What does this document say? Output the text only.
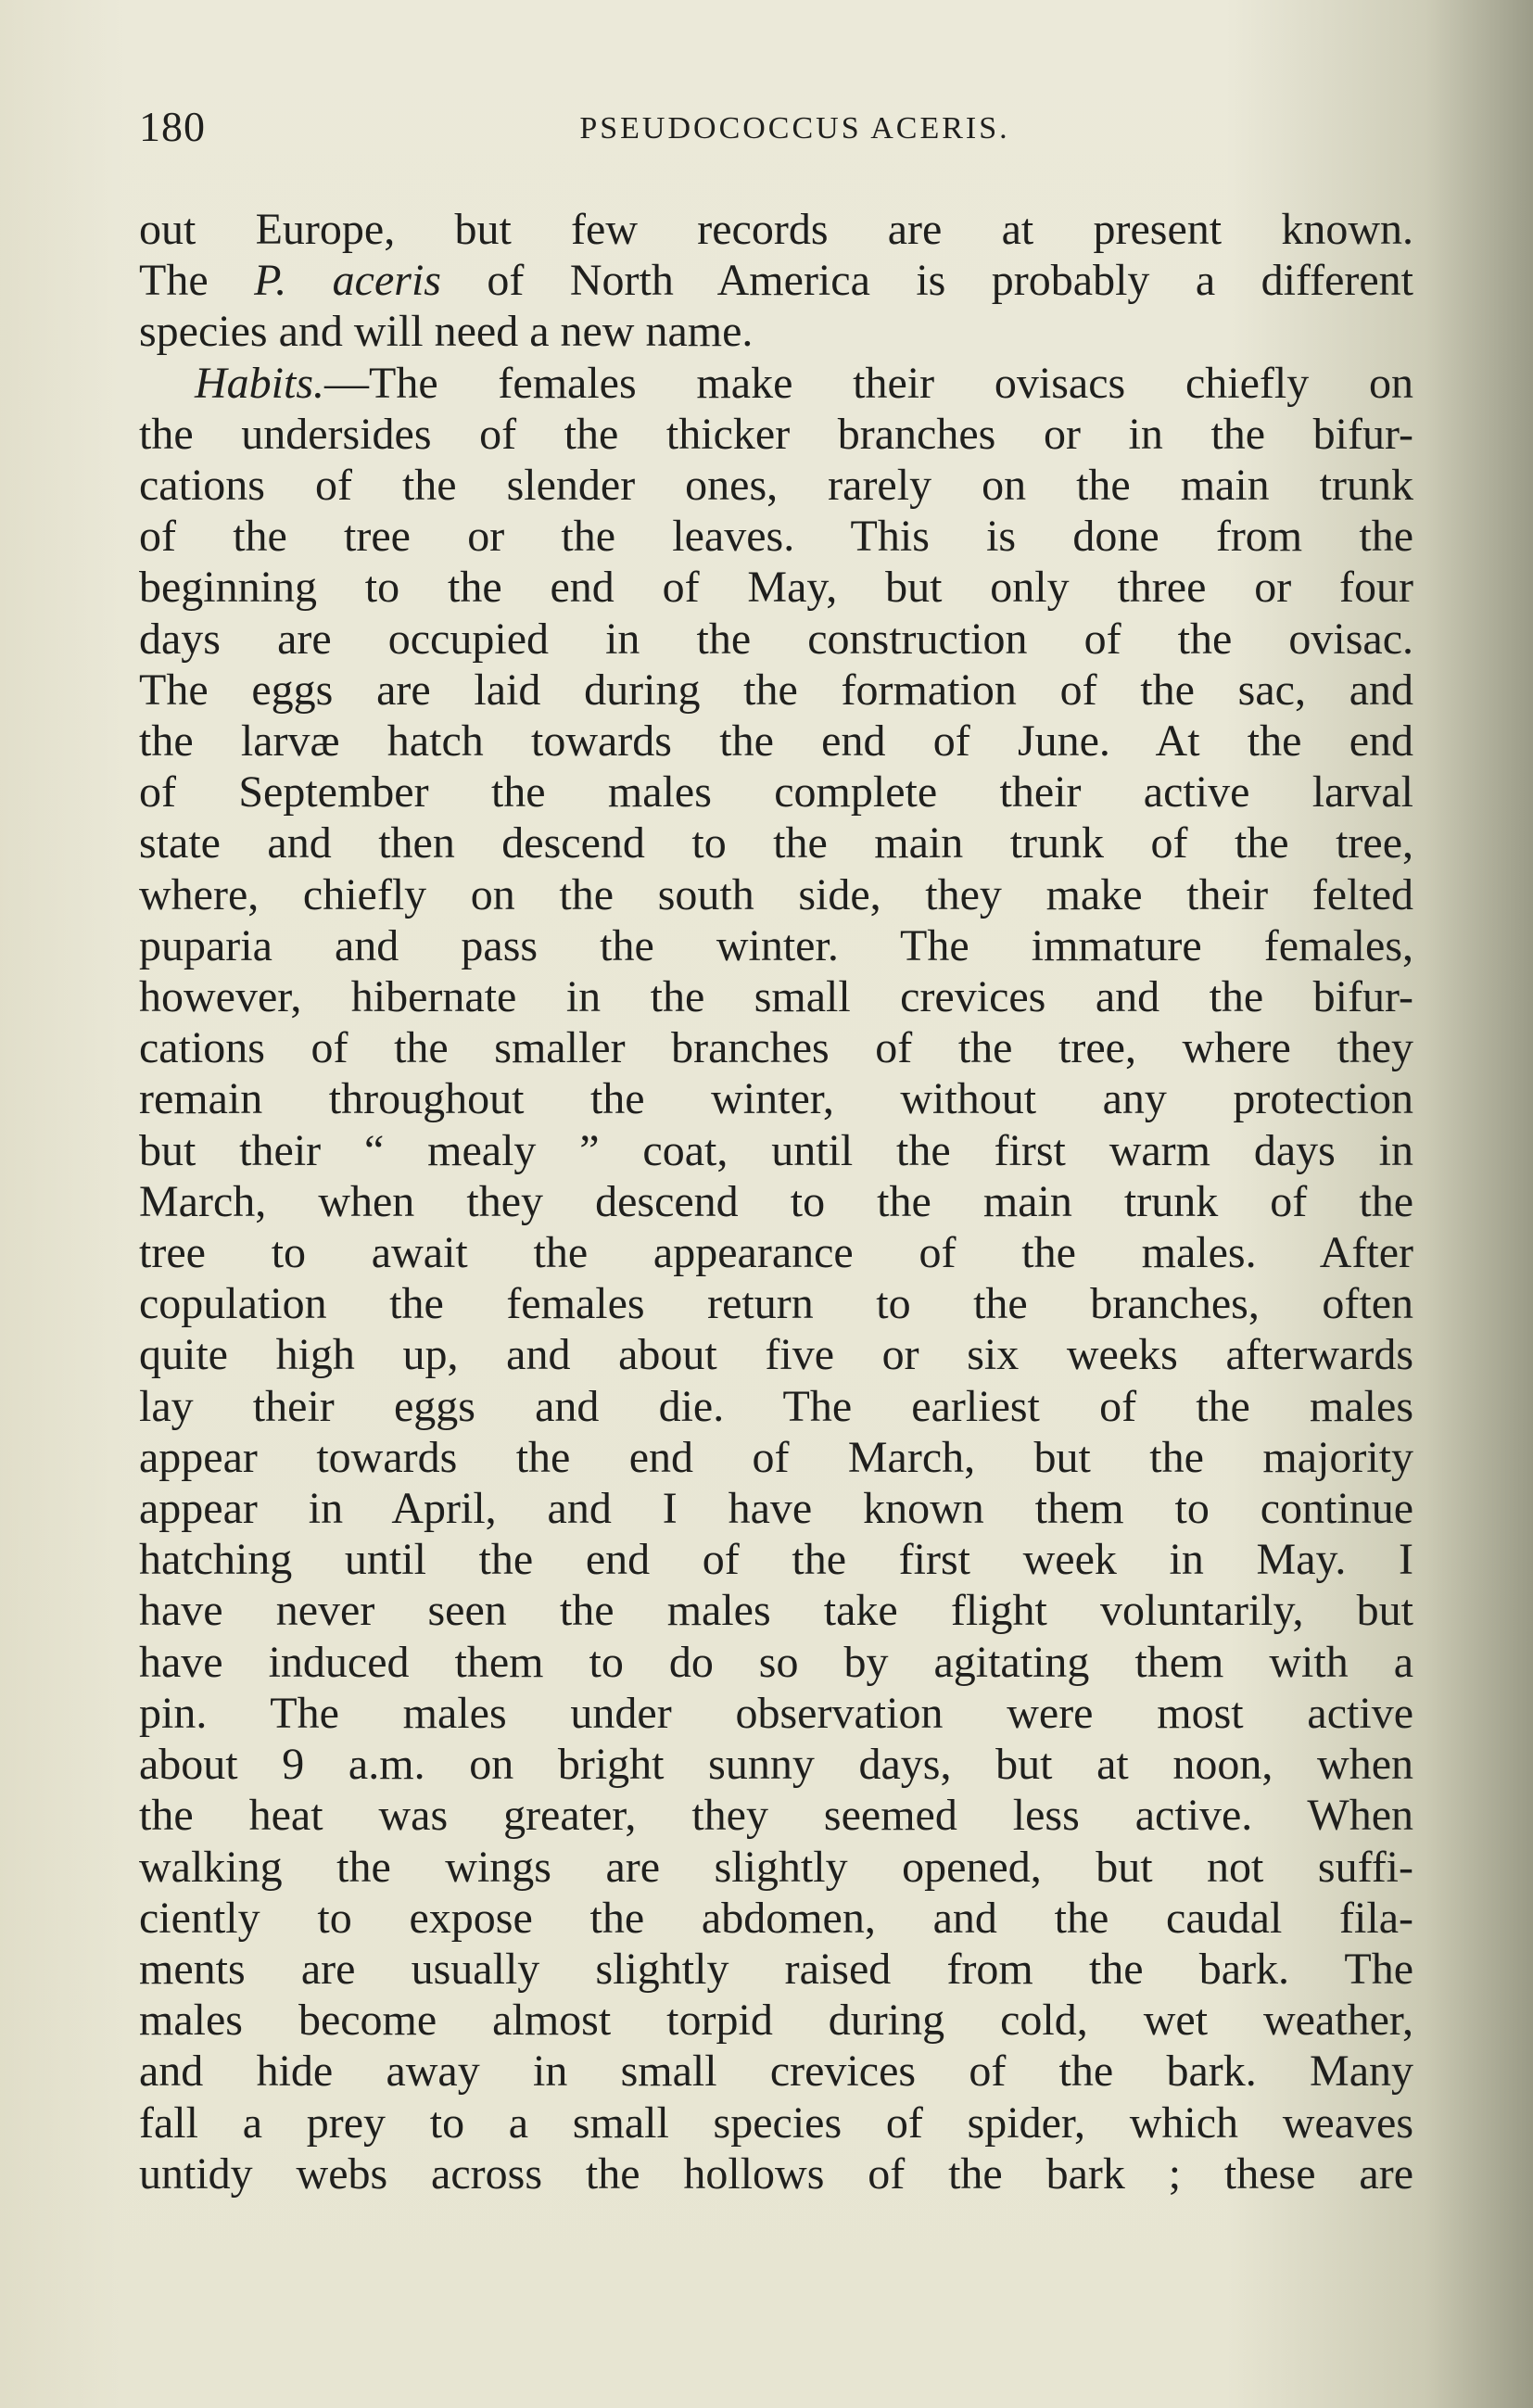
180	PSEUDOCOCCUS ACERIS.
out Europe, but few records are at present known.
The P. aceris of North America is probably a different
species and will need a new name.
Habits.—The females make their ovisacs chiefly on
the undersides of the thicker branches or in the bifur-
cations of the slender ones, rarely on the main trunk
of the tree or the leaves. This is done from the
beginning to the end of May, but only three or four
days are occupied in the construction of the ovisac.
The eggs are laid during the formation of the sac, and
the larvæ hatch towards the end of June. At the end
of September the males complete their active larval
state and then descend to the main trunk of the tree,
where, chiefly on the south side, they make their felted
puparia and pass the winter. The immature females,
however, hibernate in the small crevices and the bifur-
cations of the smaller branches of the tree, where they
remain throughout the winter, without any protection
but their “ mealy ” coat, until the first warm days in
March, when they descend to the main trunk of the
tree to await the appearance of the males. After
copulation the females return to the branches, often
quite high up, and about five or six weeks afterwards
lay their eggs and die. The earliest of the males
appear towards the end of March, but the majority
appear in April, and I have known them to continue
hatching until the end of the first week in May. I
have never seen the males take flight voluntarily, but
have induced them to do so by agitating them with a
pin. The males under observation were most active
about 9 a.m. on bright sunny days, but at noon, when
the heat was greater, they seemed less active. When
walking the wings are slightly opened, but not suffi-
ciently to expose the abdomen, and the caudal fila-
ments are usually slightly raised from the bark. The
males become almost torpid during cold, wet weather,
and hide away in small crevices of the bark. Many
fall a prey to a small species of spider, which weaves
untidy webs across the hollows of the bark ; these are
